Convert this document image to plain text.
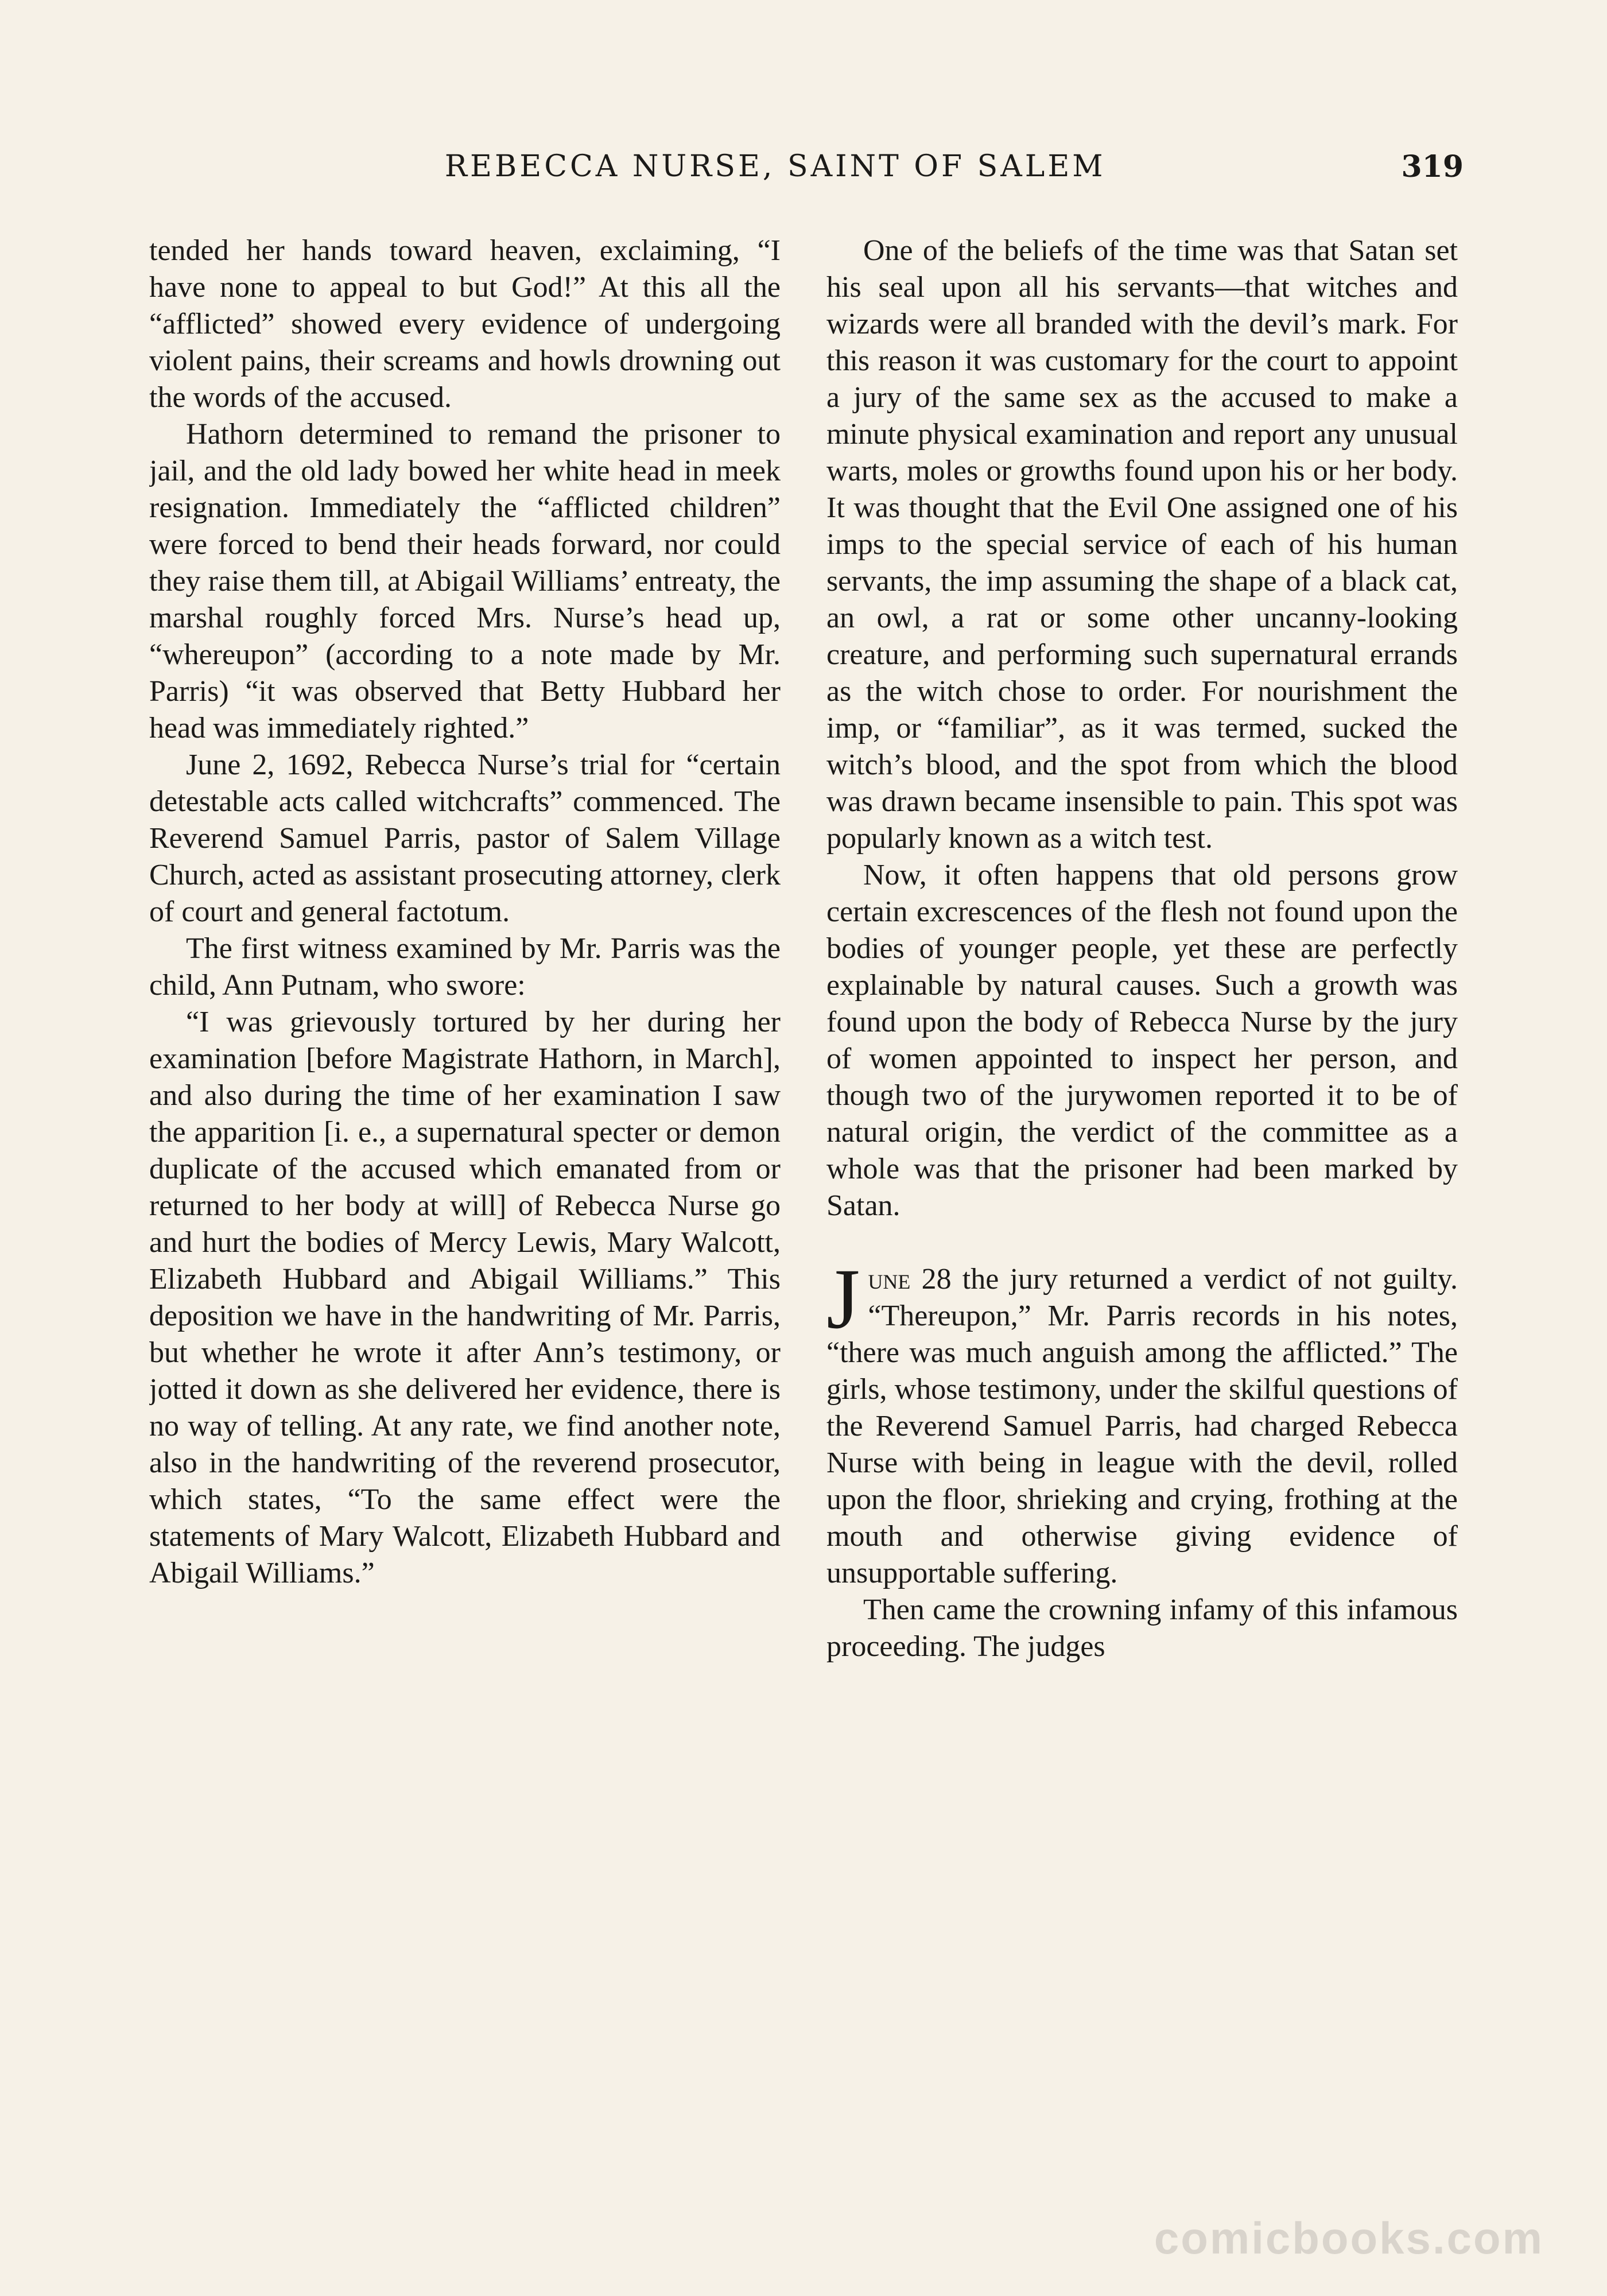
REBECCA NURSE, SAINT OF SALEM	319

tended her hands toward heaven, exclaiming, “I have none to appeal to but God!” At this all the “afflicted” showed every evidence of undergoing violent pains, their screams and howls drowning out the words of the accused.

Hathorn determined to remand the prisoner to jail, and the old lady bowed her white head in meek resignation. Immediately the “afflicted children” were forced to bend their heads forward, nor could they raise them till, at Abigail Williams’ entreaty, the marshal roughly forced Mrs. Nurse’s head up, “whereupon” (according to a note made by Mr. Parris) “it was observed that Betty Hubbard her head was immediately righted.”

June 2, 1692, Rebecca Nurse’s trial for “certain detestable acts called witchcrafts” commenced. The Reverend Samuel Parris, pastor of Salem Village Church, acted as assistant prosecuting attorney, clerk of court and general factotum.

The first witness examined by Mr. Parris was the child, Ann Putnam, who swore:

“I was grievously tortured by her during her examination [before Magistrate Hathorn, in March], and also during the time of her examination I saw the apparition [i. e., a supernatural specter or demon duplicate of the accused which emanated from or returned to her body at will] of Rebecca Nurse go and hurt the bodies of Mercy Lewis, Mary Walcott, Elizabeth Hubbard and Abigail Williams.” This deposition we have in the handwriting of Mr. Parris, but whether he wrote it after Ann’s testimony, or jotted it down as she delivered her evidence, there is no way of telling. At any rate, we find another note, also in the handwriting of the reverend prosecutor, which states, “To the same effect were the statements of Mary Walcott, Elizabeth Hubbard and Abigail Williams.”

One of the beliefs of the time was that Satan set his seal upon all his servants—that witches and wizards were all branded with the devil’s mark. For this reason it was customary for the court to appoint a jury of the same sex as the accused to make a minute physical examination and report any unusual warts, moles or growths found upon his or her body. It was thought that the Evil One assigned one of his imps to the special service of each of his human servants, the imp assuming the shape of a black cat, an owl, a rat or some other uncanny-looking creature, and performing such supernatural errands as the witch chose to order. For nourishment the imp, or “familiar”, as it was termed, sucked the witch’s blood, and the spot from which the blood was drawn became insensible to pain. This spot was popularly known as a witch test.

Now, it often happens that old persons grow certain excrescences of the flesh not found upon the bodies of younger people, yet these are perfectly explainable by natural causes. Such a growth was found upon the body of Rebecca Nurse by the jury of women appointed to inspect her person, and though two of the jurywomen reported it to be of natural origin, the verdict of the committee as a whole was that the prisoner had been marked by Satan.

June 28 the jury returned a verdict of not guilty. “Thereupon,” Mr. Parris records in his notes, “there was much anguish among the afflicted.” The girls, whose testimony, under the skilful questions of the Reverend Samuel Parris, had charged Rebecca Nurse with being in league with the devil, rolled upon the floor, shrieking and crying, frothing at the mouth and otherwise giving evidence of unsupportable suffering.

Then came the crowning infamy of this infamous proceeding. The judges

comicbooks.com
